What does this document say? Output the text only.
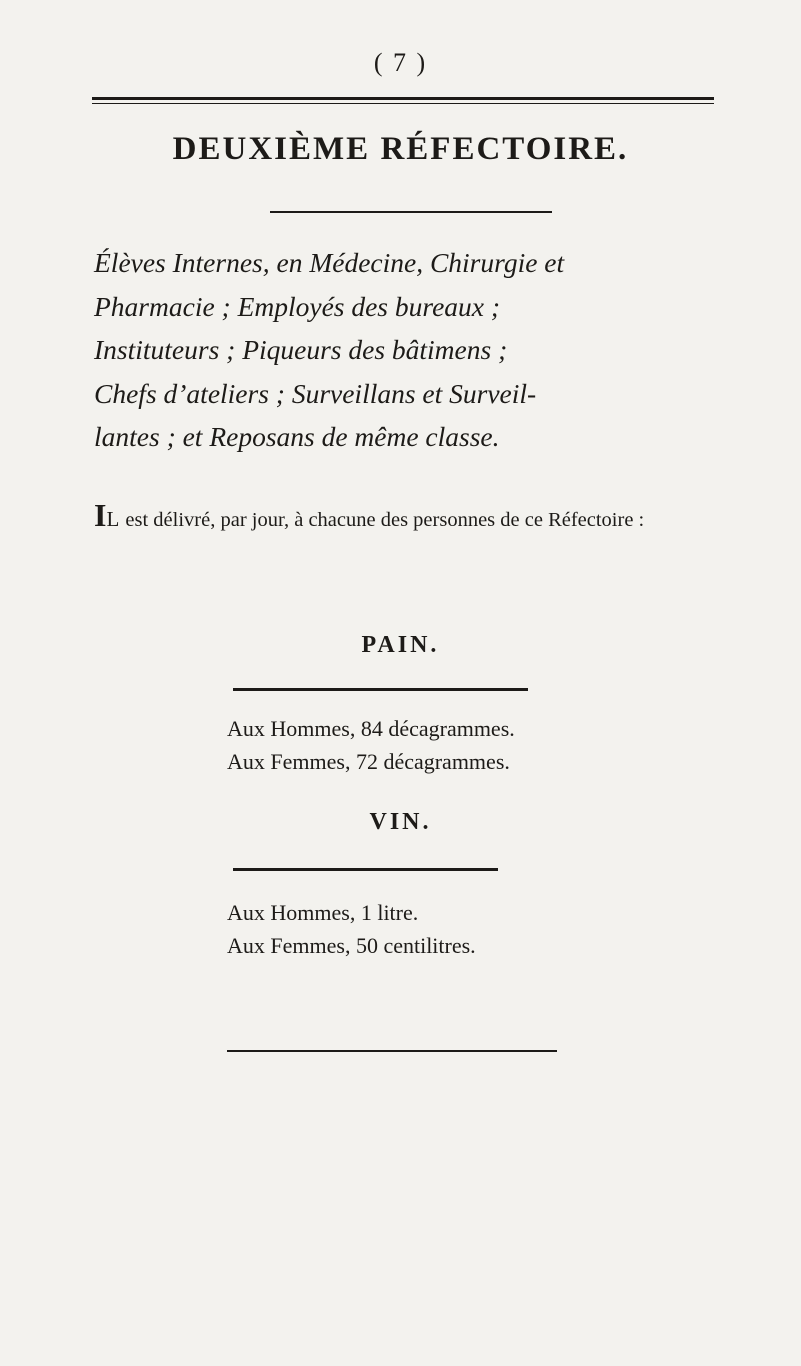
( 7 )
DEUXIÈME RÉFECTOIRE.
Élèves Internes, en Médecine, Chirurgie et
Pharmacie ; Employés des bureaux ;
Instituteurs ; Piqueurs des bâtimens ;
Chefs d’ateliers ; Surveillans et Surveil-
lantes ; et Reposans de même classe.
IL est délivré, par jour, à chacune des personnes de ce Réfectoire :
PAIN.
Aux Hommes, 84 décagrammes.
Aux Femmes, 72 décagrammes.
VIN.
Aux Hommes, 1 litre.
Aux Femmes, 50 centilitres.
